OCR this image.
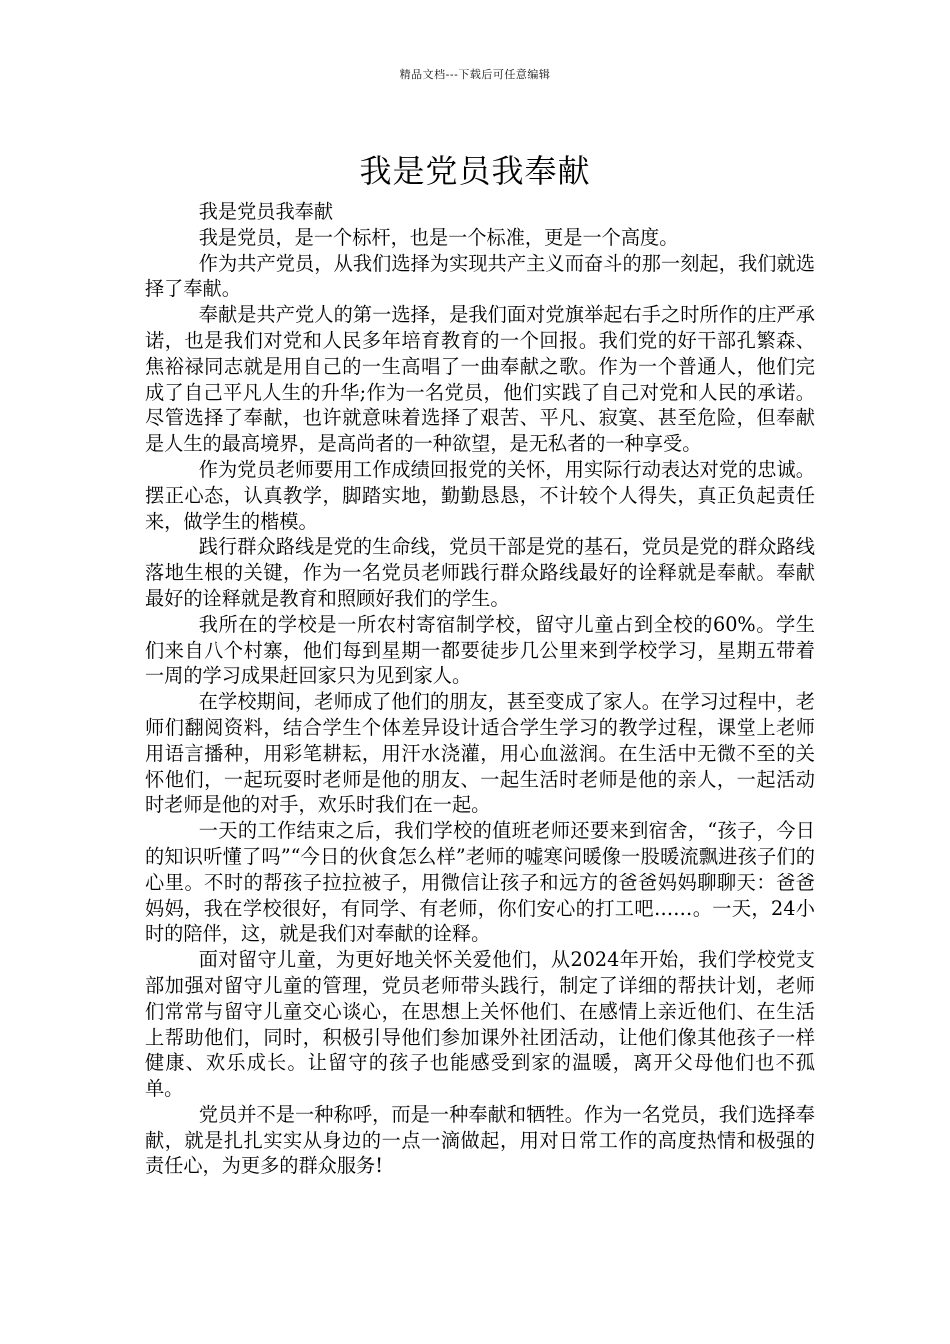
精品文档---下载后可任意编辑
我是党员我奉献

我是党员我奉献

我是党员，是一个标杆，也是一个标准，更是一个高度。

作为共产党员，从我们选择为实现共产主义而奋斗的那一刻起，我们就选择了奉献。

奉献是共产党人的第一选择，是我们面对党旗举起右手之时所作的庄严承诺，也是我们对党和人民多年培育教育的一个回报。我们党的好干部孔繁森、焦裕禄同志就是用自己的一生高唱了一曲奉献之歌。作为一个普通人，他们完成了自己平凡人生的升华;作为一名党员，他们实践了自己对党和人民的承诺。尽管选择了奉献，也许就意味着选择了艰苦、平凡、寂寞、甚至危险，但奉献是人生的最高境界，是高尚者的一种欲望，是无私者的一种享受。

作为党员老师要用工作成绩回报党的关怀，用实际行动表达对党的忠诚。摆正心态，认真教学，脚踏实地，勤勤恳恳，不计较个人得失，真正负起责任来，做学生的楷模。

践行群众路线是党的生命线，党员干部是党的基石，党员是党的群众路线落地生根的关键，作为一名党员老师践行群众路线最好的诠释就是奉献。奉献最好的诠释就是教育和照顾好我们的学生。

我所在的学校是一所农村寄宿制学校，留守儿童占到全校的60%。学生们来自八个村寨，他们每到星期一都要徒步几公里来到学校学习，星期五带着一周的学习成果赶回家只为见到家人。

在学校期间，老师成了他们的朋友，甚至变成了家人。在学习过程中，老师们翻阅资料，结合学生个体差异设计适合学生学习的教学过程，课堂上老师用语言播种，用彩笔耕耘，用汗水浇灌，用心血滋润。在生活中无微不至的关怀他们，一起玩耍时老师是他的朋友、一起生活时老师是他的亲人，一起活动时老师是他的对手，欢乐时我们在一起。

一天的工作结束之后，我们学校的值班老师还要来到宿舍，“孩子，今日的知识听懂了吗”“今日的伙食怎么样”老师的嘘寒问暖像一股暖流飘进孩子们的心里。不时的帮孩子拉拉被子，用微信让孩子和远方的爸爸妈妈聊聊天：爸爸妈妈，我在学校很好，有同学、有老师，你们安心的打工吧……。一天，24小时的陪伴，这，就是我们对奉献的诠释。

面对留守儿童，为更好地关怀关爱他们，从2024年开始，我们学校党支部加强对留守儿童的管理，党员老师带头践行，制定了详细的帮扶计划，老师们常常与留守儿童交心谈心，在思想上关怀他们、在感情上亲近他们、在生活上帮助他们，同时，积极引导他们参加课外社团活动，让他们像其他孩子一样健康、欢乐成长。让留守的孩子也能感受到家的温暖，离开父母他们也不孤单。

党员并不是一种称呼，而是一种奉献和牺牲。作为一名党员，我们选择奉献，就是扎扎实实从身边的一点一滴做起，用对日常工作的高度热情和极强的责任心，为更多的群众服务!
